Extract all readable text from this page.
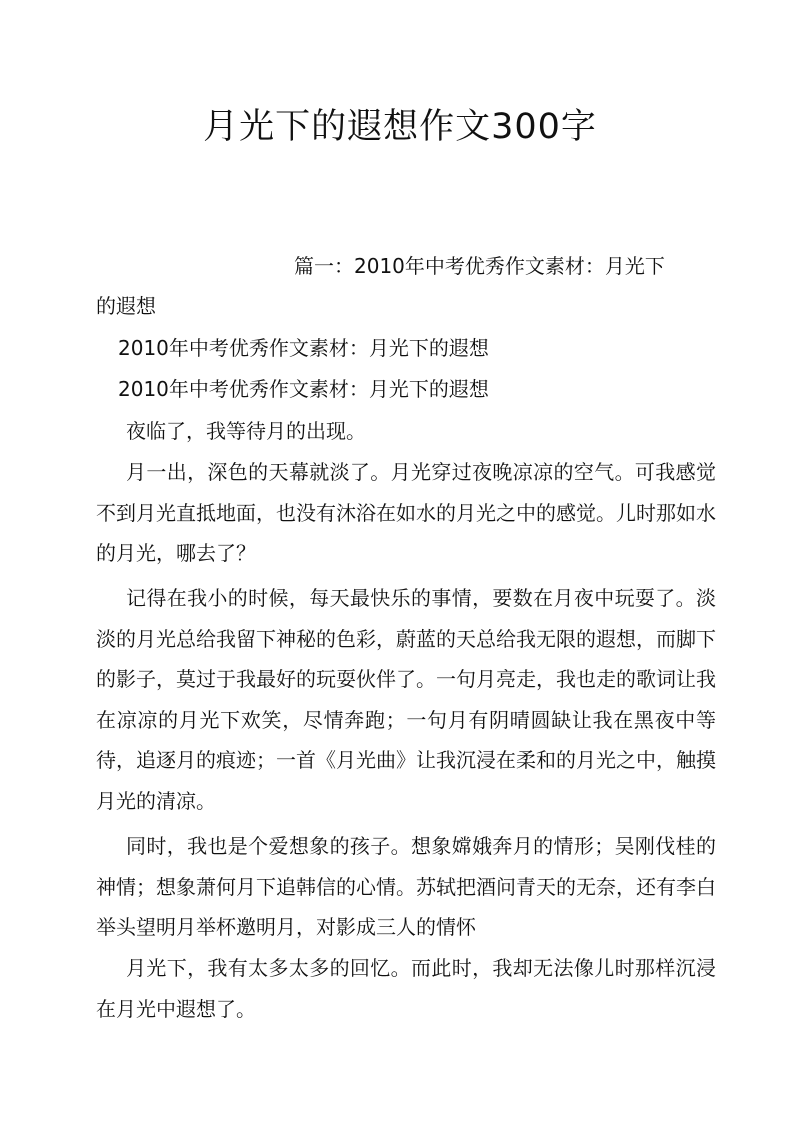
月光下的遐想作文300字
篇一：2010年中考优秀作文素材：月光下
的遐想
2010年中考优秀作文素材：月光下的遐想
2010年中考优秀作文素材：月光下的遐想
夜临了，我等待月的出现。
月一出，深色的天幕就淡了。月光穿过夜晚凉凉的空气。可我感觉不到月光直抵地面，也没有沐浴在如水的月光之中的感觉。儿时那如水的月光，哪去了？
记得在我小的时候，每天最快乐的事情，要数在月夜中玩耍了。淡淡的月光总给我留下神秘的色彩，蔚蓝的天总给我无限的遐想，而脚下的影子，莫过于我最好的玩耍伙伴了。一句月亮走，我也走的歌词让我在凉凉的月光下欢笑，尽情奔跑；一句月有阴晴圆缺让我在黑夜中等待，追逐月的痕迹；一首《月光曲》让我沉浸在柔和的月光之中，触摸月光的清凉。
同时，我也是个爱想象的孩子。想象嫦娥奔月的情形；吴刚伐桂的神情；想象萧何月下追韩信的心情。苏轼把酒问青天的无奈，还有李白举头望明月举杯邀明月，对影成三人的情怀
月光下，我有太多太多的回忆。而此时，我却无法像儿时那样沉浸在月光中遐想了。
